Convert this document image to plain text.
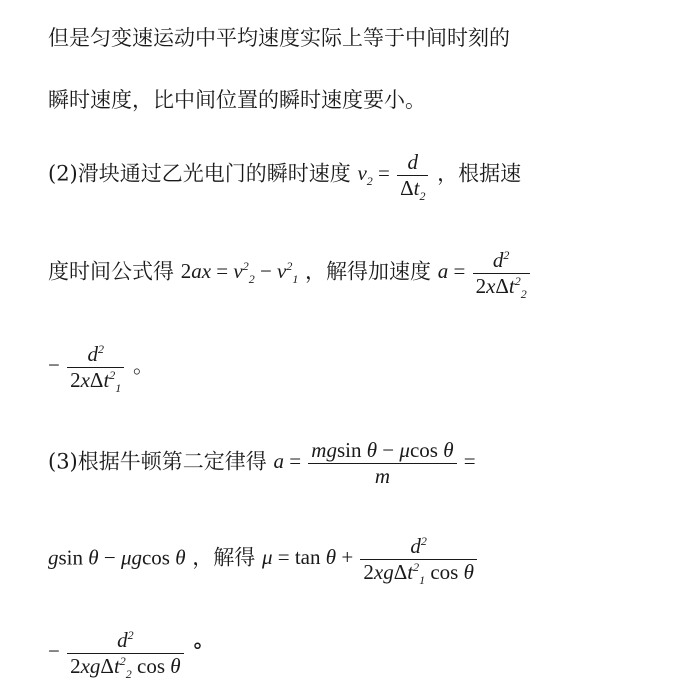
但是匀变速运动中平均速度实际上等于中间时刻的
瞬时速度，比中间位置的瞬时速度要小。
(2)滑块通过乙光电门的瞬时速度 $v_2 = \frac{d}{\Delta t_2}$ ，根据速
度时间公式得 $2ax = v^2_2 - v^2_1$ ，解得加速度 $a = \frac{d^2}{2x\Delta t^2_2}$
− $\frac{d^2}{2x\Delta t^2_1}$ 。
(3)根据牛顿第二定律得 $a = \frac{\text{mgsin θ − μcos θ}}{m}$ =
gsin θ − μgcos θ ，解得 $\mu = \tan \theta + \frac{d^2}{2xg\Delta t^2_1 \cos \theta}$
− $\frac{d^2}{2xg\Delta t^2_2 \cos \theta}$ °
